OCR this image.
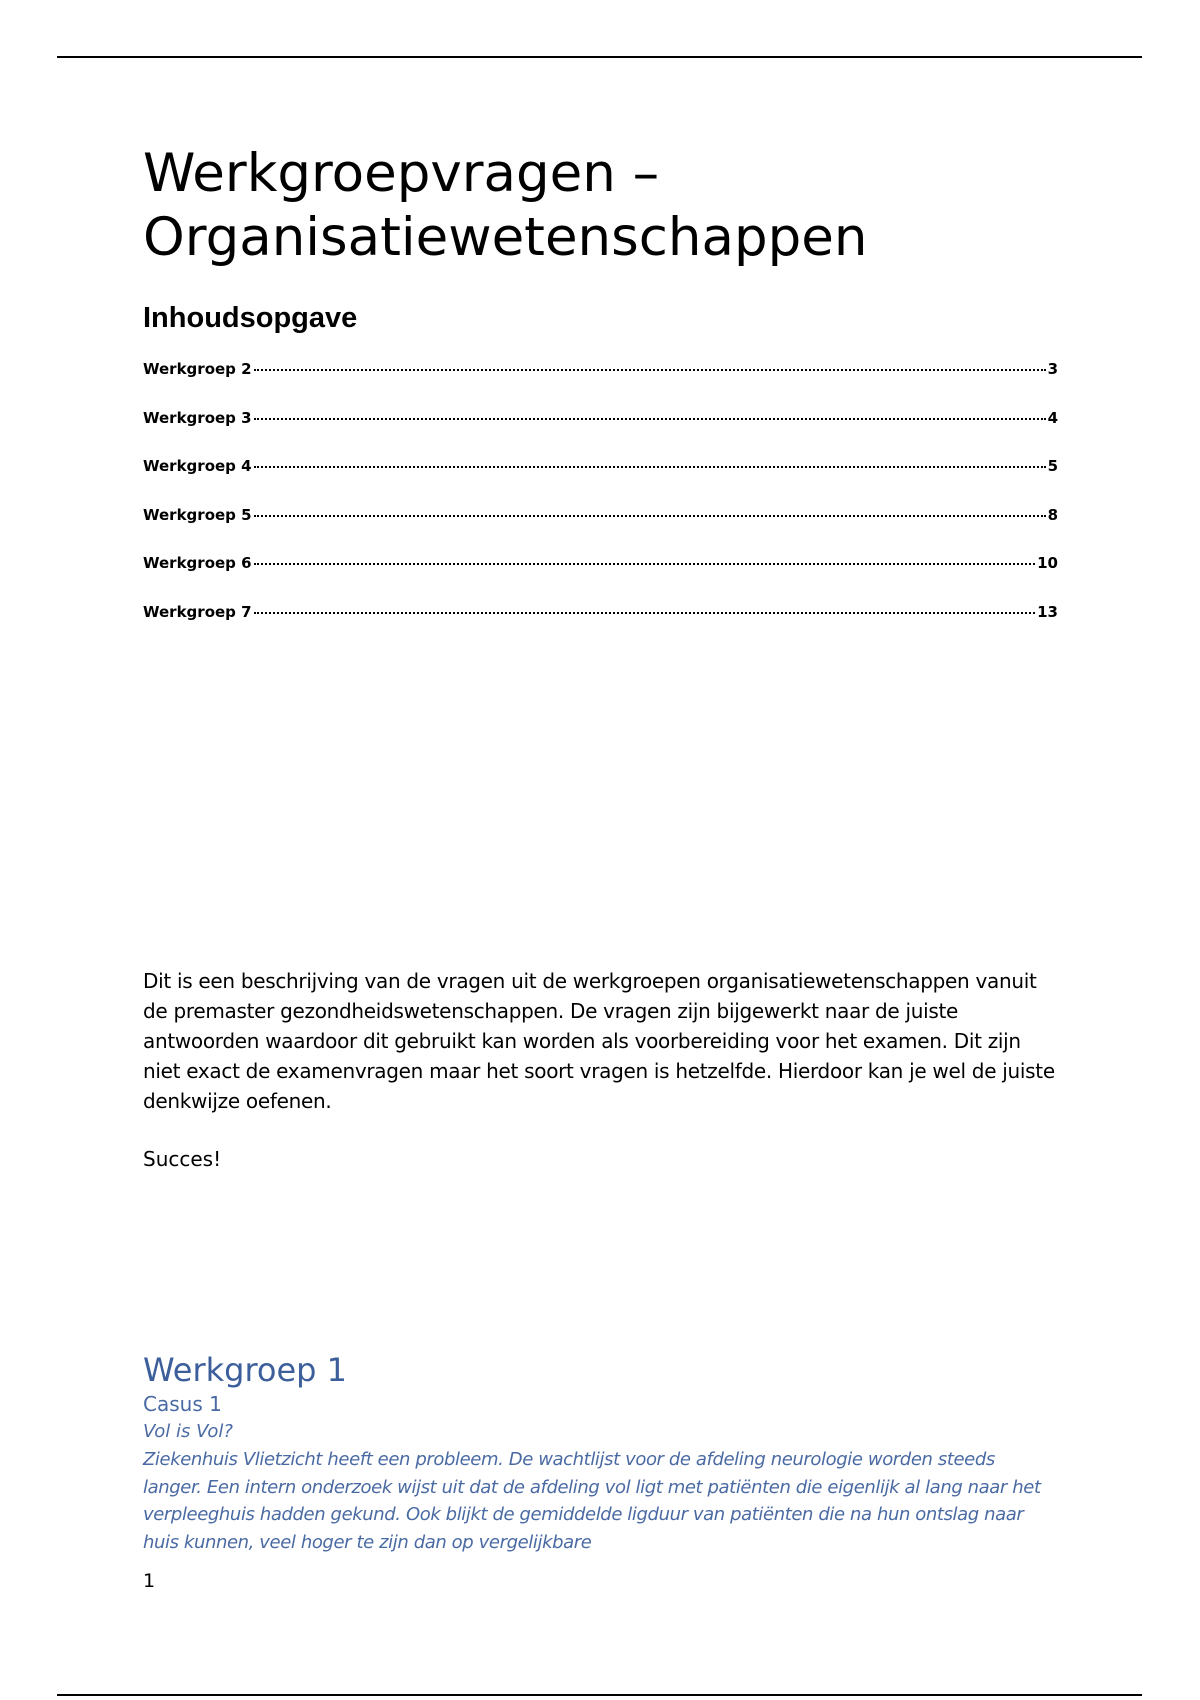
Werkgroepvragen – Organisatiewetenschappen
Inhoudsopgave
Werkgroep 2	3
Werkgroep 3	4
Werkgroep 4	5
Werkgroep 5	8
Werkgroep 6	10
Werkgroep 7	13

Dit is een beschrijving van de vragen uit de werkgroepen organisatiewetenschappen vanuit de premaster gezondheidswetenschappen. De vragen zijn bijgewerkt naar de juiste antwoorden waardoor dit gebruikt kan worden als voorbereiding voor het examen. Dit zijn niet exact de examenvragen maar het soort vragen is hetzelfde. Hierdoor kan je wel de juiste denkwijze oefenen.

Succes!

Werkgroep 1

Casus 1

Vol is Vol?

Ziekenhuis Vlietzicht heeft een probleem. De wachtlijst voor de afdeling neurologie worden steeds langer. Een intern onderzoek wijst uit dat de afdeling vol ligt met patiënten die eigenlijk al lang naar het verpleeghuis hadden gekund. Ook blijkt de gemiddelde ligduur van patiënten die na hun ontslag naar huis kunnen, veel hoger te zijn dan op vergelijkbare

1
